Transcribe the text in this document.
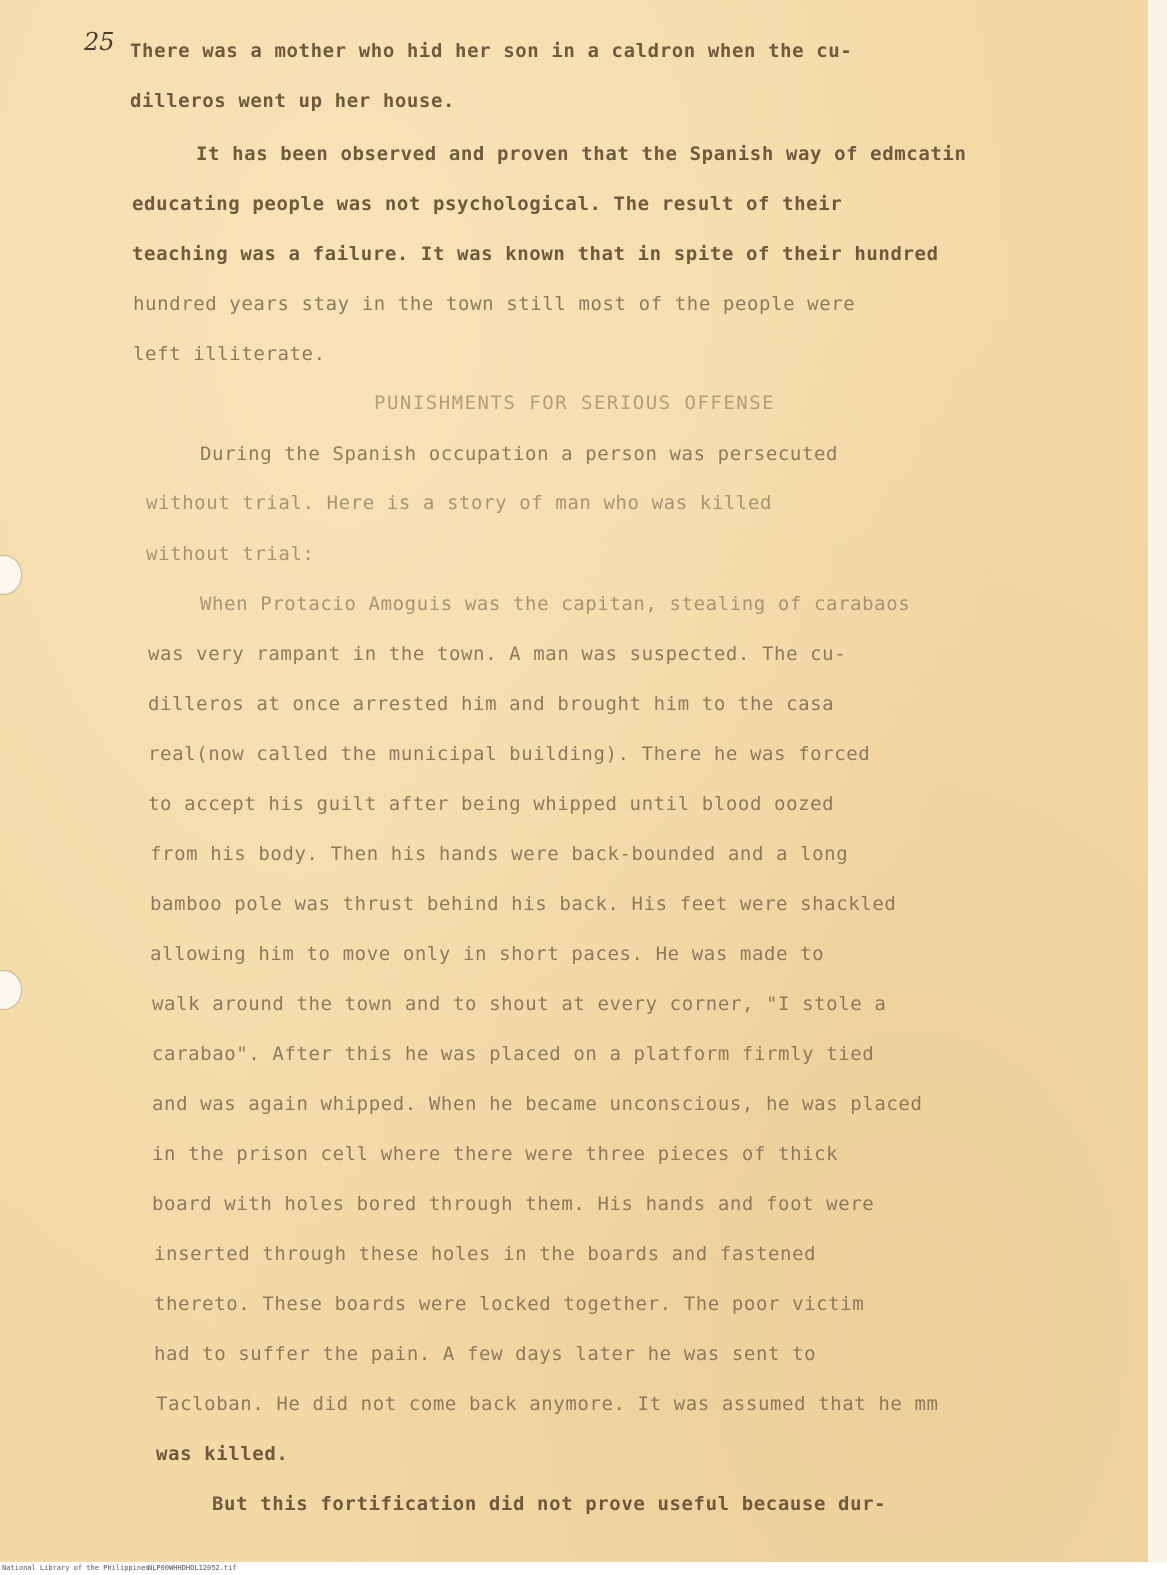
25 There was a mother who hid her son in a caldron when the cu-
dilleros went up her house.
It has been observed and proven that the Spanish way of edmcatin
educating people was not psychological. The result of their
teaching was a failure. It was known that in spite of their hundred
hundred years stay in the town still most of the people were
left illiterate.
PUNISHMENTS FOR SERIOUS OFFENSE
During the Spanish occupation a person was persecuted
without trial. Here is a story of man who was killed
without trial:
When Protacio Amoguis was the capitan, stealing of carabaos
was very rampant in the town. A man was suspected. The cu-
dilleros at once arrested him and brought him to the casa
real(now called the municipal building). There he was forced
to accept his guilt after being whipped until blood oozed
from his body. Then his hands were back-bounded and a long
bamboo pole was thrust behind his back. His feet were shackled
allowing him to move only in short paces. He was made to
walk around the town and to shout at every corner, "I stole a
carabao". After this he was placed on a platform firmly tied
and was again whipped. When he became unconscious, he was placed
in the prison cell where there were three pieces of thick
board with holes bored through them. His hands and foot were
inserted through these holes in the boards and fastened
thereto. These boards were locked together. The poor victim
had to suffer the pain. A few days later he was sent to
Tacloban. He did not come back anymore. It was assumed that he mm
was killed.
But this fortification did not prove useful because dur-
National Library of the Philippines
NLP00WHHDHDL12052.tif
